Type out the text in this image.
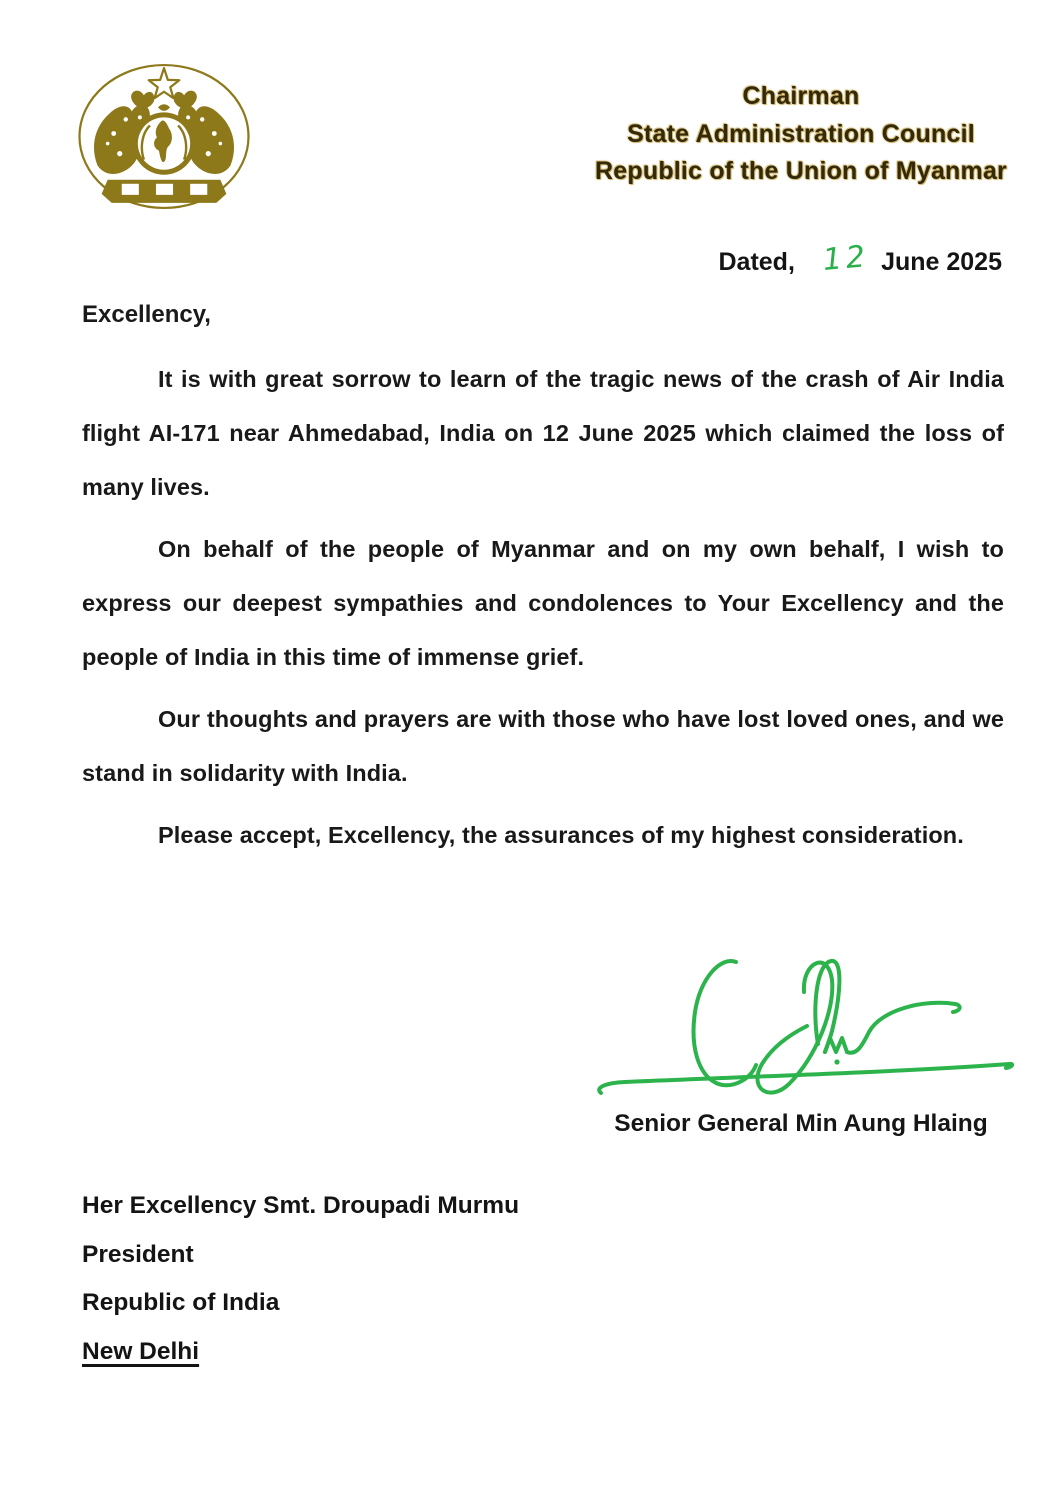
Chairman
State Administration Council
Republic of the Union of Myanmar
Dated, 12 June 2025
Excellency,

It is with great sorrow to learn of the tragic news of the crash of Air India flight AI-171 near Ahmedabad, India on 12 June 2025 which claimed the loss of many lives.

On behalf of the people of Myanmar and on my own behalf, I wish to express our deepest sympathies and condolences to Your Excellency and the people of India in this time of immense grief.

Our thoughts and prayers are with those who have lost loved ones, and we stand in solidarity with India.

Please accept, Excellency, the assurances of my highest consideration.

Senior General Min Aung Hlaing
Her Excellency Smt. Droupadi Murmu
President
Republic of India
New Delhi
